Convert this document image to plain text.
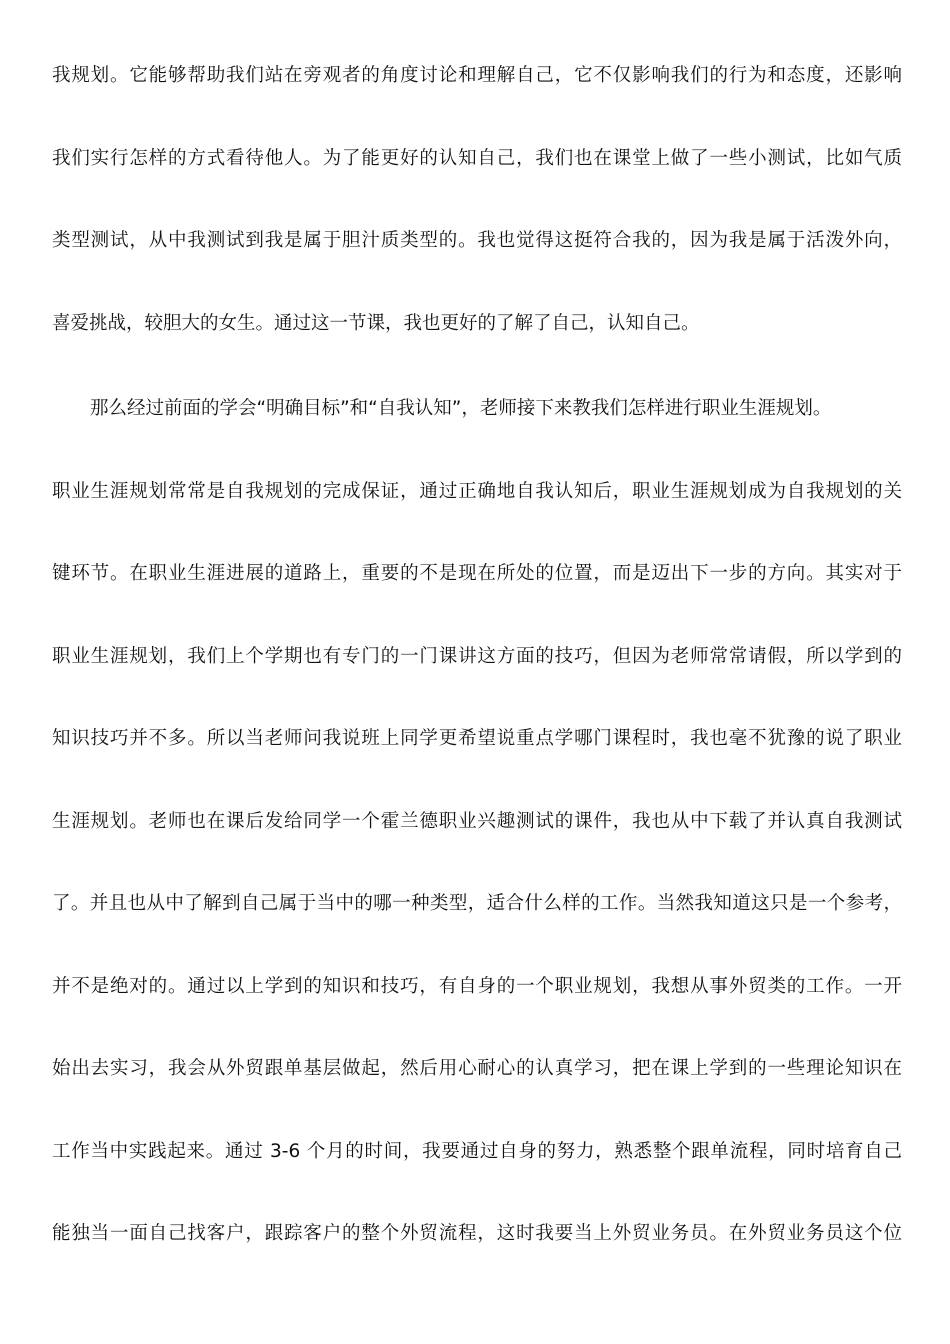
我规划。它能够帮助我们站在旁观者的角度讨论和理解自己，它不仅影响我们的行为和态度，还影响
我们实行怎样的方式看待他人。为了能更好的认知自己，我们也在课堂上做了一些小测试，比如气质
类型测试，从中我测试到我是属于胆汁质类型的。我也觉得这挺符合我的，因为我是属于活泼外向，
喜爱挑战，较胆大的女生。通过这一节课，我也更好的了解了自己，认知自己。
那么经过前面的学会“明确目标”和“自我认知”，老师接下来教我们怎样进行职业生涯规划。
职业生涯规划常常是自我规划的完成保证，通过正确地自我认知后，职业生涯规划成为自我规划的关
键环节。在职业生涯进展的道路上，重要的不是现在所处的位置，而是迈出下一步的方向。其实对于
职业生涯规划，我们上个学期也有专门的一门课讲这方面的技巧，但因为老师常常请假，所以学到的
知识技巧并不多。所以当老师问我说班上同学更希望说重点学哪门课程时，我也毫不犹豫的说了职业
生涯规划。老师也在课后发给同学一个霍兰德职业兴趣测试的课件，我也从中下载了并认真自我测试
了。并且也从中了解到自己属于当中的哪一种类型，适合什么样的工作。当然我知道这只是一个参考，
并不是绝对的。通过以上学到的知识和技巧，有自身的一个职业规划，我想从事外贸类的工作。一开
始出去实习，我会从外贸跟单基层做起，然后用心耐心的认真学习，把在课上学到的一些理论知识在
工作当中实践起来。通过 3-6 个月的时间，我要通过自身的努力，熟悉整个跟单流程，同时培育自己
能独当一面自己找客户，跟踪客户的整个外贸流程，这时我要当上外贸业务员。在外贸业务员这个位
